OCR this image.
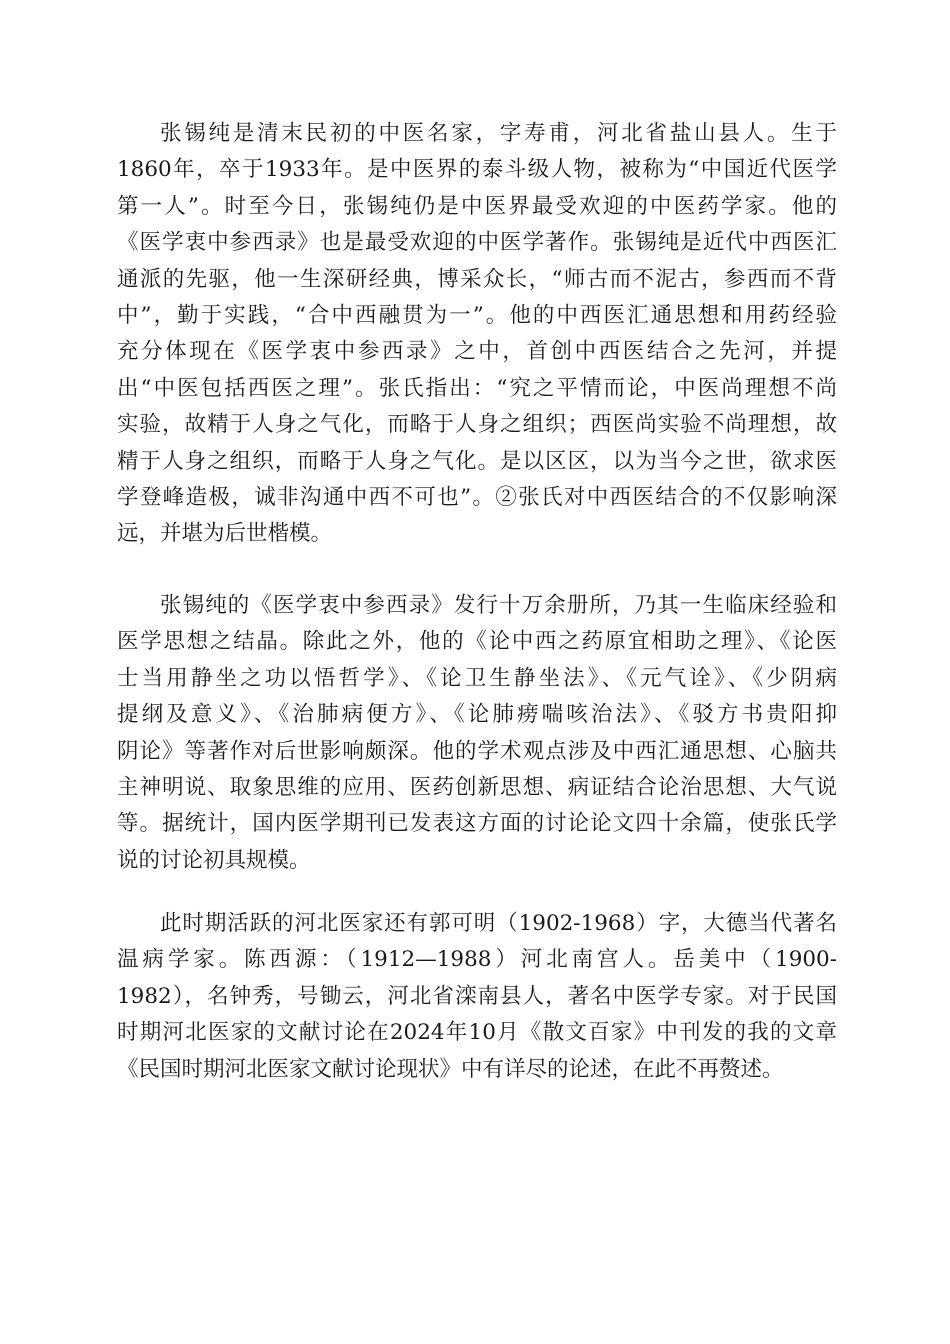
张锡纯是清末民初的中医名家，字寿甫，河北省盐山县人。生于
1860年，卒于1933年。是中医界的泰斗级人物，被称为“中国近代医学
第一人”。时至今日，张锡纯仍是中医界最受欢迎的中医药学家。他的
《医学衷中参西录》也是最受欢迎的中医学著作。张锡纯是近代中西医汇
通派的先驱，他一生深研经典，博采众长，“师古而不泥古，参西而不背
中”，勤于实践，“合中西融贯为一”。他的中西医汇通思想和用药经验
充分体现在《医学衷中参西录》之中，首创中西医结合之先河，并提
出“中医包括西医之理”。张氏指出：“究之平情而论，中医尚理想不尚
实验，故精于人身之气化，而略于人身之组织；西医尚实验不尚理想，故
精于人身之组织，而略于人身之气化。是以区区，以为当今之世，欲求医
学登峰造极，诚非沟通中西不可也”。②张氏对中西医结合的不仅影响深
远，并堪为后世楷模。
张锡纯的《医学衷中参西录》发行十万余册所，乃其一生临床经验和
医学思想之结晶。除此之外，他的《论中西之药原宜相助之理》、《论医
士当用静坐之功以悟哲学》、《论卫生静坐法》、《元气诠》、《少阴病
提纲及意义》、《治肺病便方》、《论肺痨喘咳治法》、《驳方书贵阳抑
阴论》等著作对后世影响颇深。他的学术观点涉及中西汇通思想、心脑共
主神明说、取象思维的应用、医药创新思想、病证结合论治思想、大气说
等。据统计，国内医学期刊已发表这方面的讨论论文四十余篇，使张氏学
说的讨论初具规模。
此时期活跃的河北医家还有郭可明（1902-1968）字，大德当代著名
温病学家。陈西源：（1912—1988）河北南宫人。岳美中（1900-
1982），名钟秀，号锄云，河北省滦南县人，著名中医学专家。对于民国
时期河北医家的文献讨论在2024年10月《散文百家》中刊发的我的文章
《民国时期河北医家文献讨论现状》中有详尽的论述，在此不再赘述。
